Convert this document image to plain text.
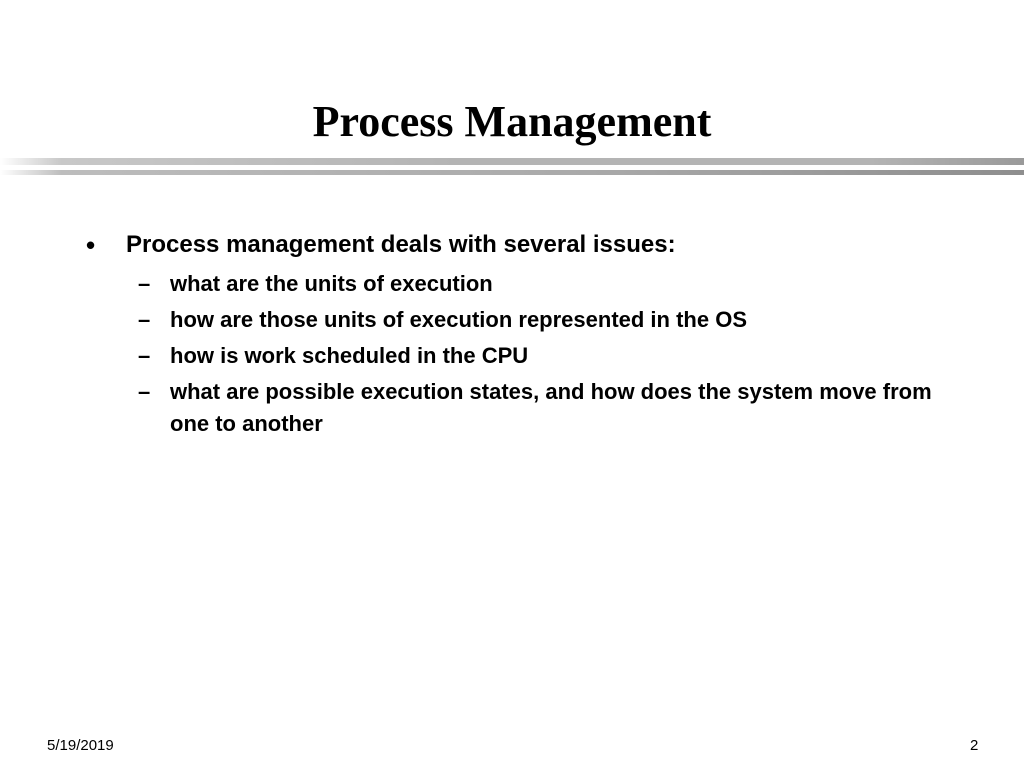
Process Management
• Process management deals with several issues:
– what are the units of execution
– how are those units of execution represented in the OS
– how is work scheduled in the CPU
– what are possible execution states, and how does the system move from one to another
5/19/2019	2
